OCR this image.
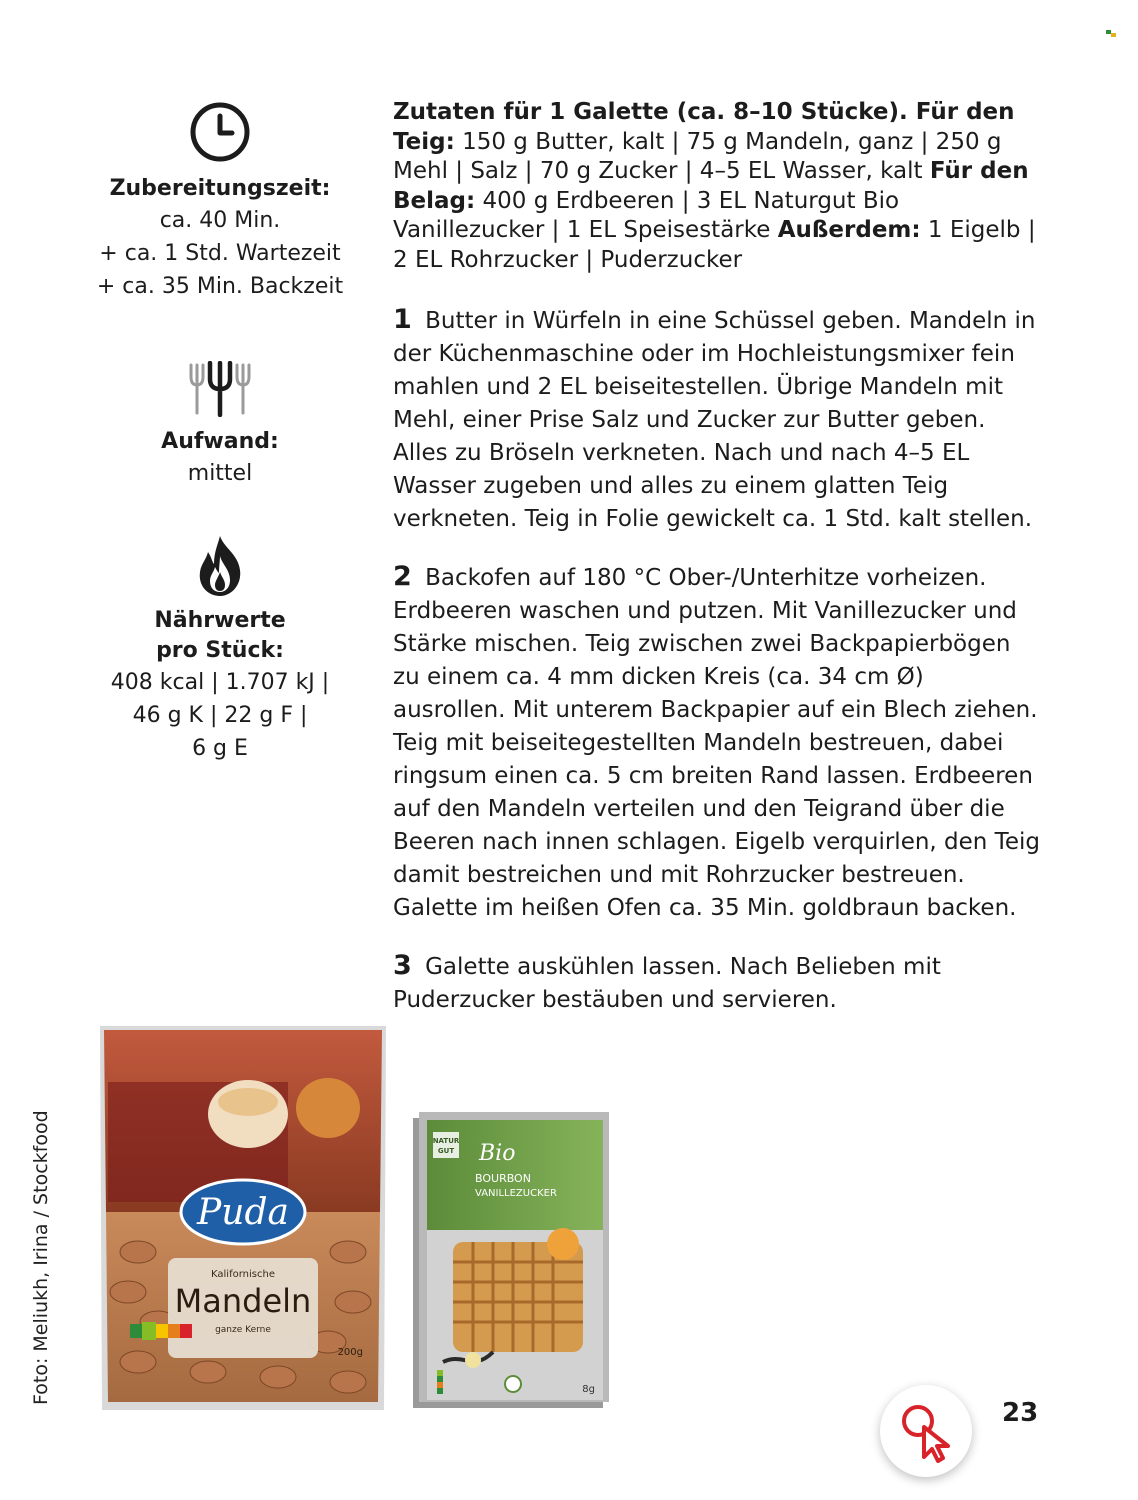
Zubereitungszeit:
ca. 40 Min.
+ ca. 1 Std. Wartezeit
+ ca. 35 Min. Backzeit
Aufwand:
mittel
Nährwerte
pro Stück:
408 kcal | 1.707 kJ |
46 g K | 22 g F |
6 g E
Zutaten für 1 Galette (ca. 8–10 Stücke). Für den Teig: 150 g Butter, kalt | 75 g Mandeln, ganz | 250 g Mehl | Salz | 70 g Zucker | 4–5 EL Wasser, kalt Für den Belag: 400 g Erdbeeren | 3 EL Naturgut Bio Vanillezucker | 1 EL Speisestärke Außerdem: 1 Eigelb | 2 EL Rohrzucker | Puderzucker
1 Butter in Würfeln in eine Schüssel geben. Mandeln in der Küchenmaschine oder im Hochleistungsmixer fein mahlen und 2 EL beiseitestellen. Übrige Mandeln mit Mehl, einer Prise Salz und Zucker zur Butter geben. Alles zu Bröseln verkneten. Nach und nach 4–5 EL Wasser zugeben und alles zu einem glatten Teig verkneten. Teig in Folie gewickelt ca. 1 Std. kalt stellen.
2 Backofen auf 180 °C Ober-/Unterhitze vorheizen. Erdbeeren waschen und putzen. Mit Vanillezucker und Stärke mischen. Teig zwischen zwei Backpapierbögen zu einem ca. 4 mm dicken Kreis (ca. 34 cm Ø) ausrollen. Mit unterem Backpapier auf ein Blech ziehen. Teig mit beiseitegestellten Mandeln bestreuen, dabei ringsum einen ca. 5 cm breiten Rand lassen. Erdbeeren auf den Mandeln verteilen und den Teigrand über die Beeren nach innen schlagen. Eigelb verquirlen, den Teig damit bestreichen und mit Rohrzucker bestreuen. Galette im heißen Ofen ca. 35 Min. goldbraun backen.
3 Galette auskühlen lassen. Nach Belieben mit Puderzucker bestäuben und servieren.
Foto: Meliukh, Irina / Stockfood	Puda
Kalifornische
Mandeln
ganze Kerne
200g
NATUR
GUT Bio
BOURBON
VANILLEZUCKER
8g
23
